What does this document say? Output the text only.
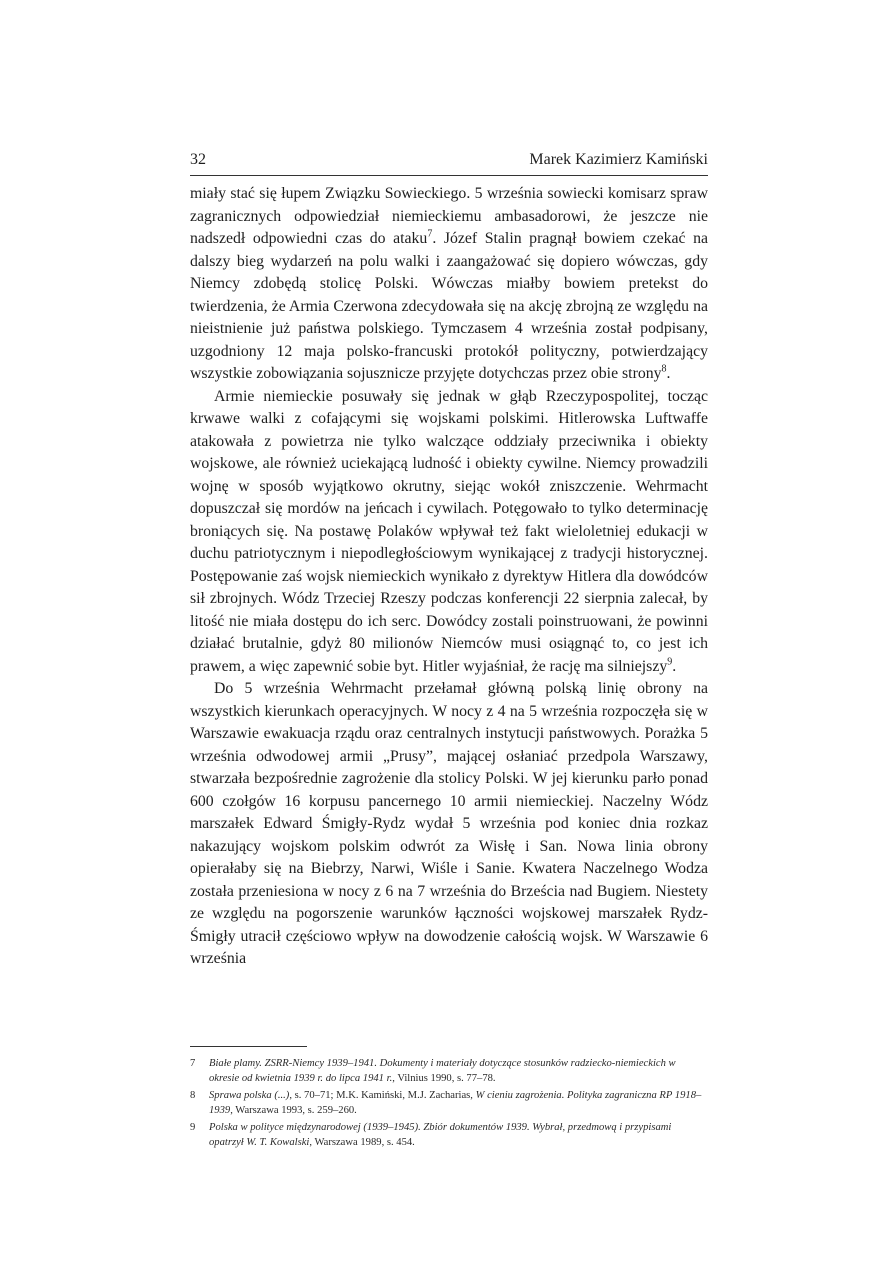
32	Marek Kazimierz Kamiński

miały stać się łupem Związku Sowieckiego. 5 września sowiecki komisarz spraw zagranicznych odpowiedział niemieckiemu ambasadorowi, że jeszcze nie nadszedł odpowiedni czas do ataku$^7$. Józef Stalin pragnął bowiem czekać na dalszy bieg wydarzeń na polu walki i zaangażować się dopiero wówczas, gdy Niemcy zdobędą stolicę Polski. Wówczas miałby bowiem pretekst do twierdzenia, że Armia Czerwona zdecydowała się na akcję zbrojną ze względu na nieistnienie już państwa polskiego. Tymczasem 4 września został podpisany, uzgodniony 12 maja polsko-francuski protokół polityczny, potwierdzający wszystkie zobowiązania sojusznicze przyjęte dotychczas przez obie strony$^8$.

Armie niemieckie posuwały się jednak w głąb Rzeczypospolitej, tocząc krwawe walki z cofającymi się wojskami polskimi. Hitlerowska Luftwaffe atakowała z powietrza nie tylko walczące oddziały przeciwnika i obiekty wojskowe, ale również uciekającą ludność i obiekty cywilne. Niemcy prowadzili wojnę w sposób wyjątkowo okrutny, siejąc wokół zniszczenie. Wehrmacht dopuszczał się mordów na jeńcach i cywilach. Potęgowało to tylko determinację broniących się. Na postawę Polaków wpływał też fakt wieloletniej edukacji w duchu patriotycznym i niepodległościowym wynikającej z tradycji historycznej. Postępowanie zaś wojsk niemieckich wynikało z dyrektyw Hitlera dla dowódców sił zbrojnych. Wódz Trzeciej Rzeszy podczas konferencji 22 sierpnia zalecał, by litość nie miała dostępu do ich serc. Dowódcy zostali poinstruowani, że powinni działać brutalnie, gdyż 80 milionów Niemców musi osiągnąć to, co jest ich prawem, a więc zapewnić sobie byt. Hitler wyjaśniał, że rację ma silniejszy$^9$.

Do 5 września Wehrmacht przełamał główną polską linię obrony na wszystkich kierunkach operacyjnych. W nocy z 4 na 5 września rozpoczęła się w Warszawie ewakuacja rządu oraz centralnych instytucji państwowych. Porażka 5 września odwodowej armii „Prusy”, mającej osłaniać przedpola Warszawy, stwarzała bezpośrednie zagrożenie dla stolicy Polski. W jej kierunku parło ponad 600 czołgów 16 korpusu pancernego 10 armii niemieckiej. Naczelny Wódz marszałek Edward Śmigły-Rydz wydał 5 września pod koniec dnia rozkaz nakazujący wojskom polskim odwrót za Wisłę i San. Nowa linia obrony opierałaby się na Biebrzy, Narwi, Wiśle i Sanie. Kwatera Naczelnego Wodza została przeniesiona w nocy z 6 na 7 września do Brześcia nad Bugiem. Niestety ze względu na pogorszenie warunków łączności wojskowej marszałek Rydz-Śmigły utracił częściowo wpływ na dowodzenie całością wojsk. W Warszawie 6 września

7 Białe plamy. ZSRR-Niemcy 1939–1941. Dokumenty i materiały dotyczące stosunków radziecko-niemieckich w okresie od kwietnia 1939 r. do lipca 1941 r., Vilnius 1990, s. 77–78.
8 Sprawa polska (...), s. 70–71; M.K. Kamiński, M.J. Zacharias, W cieniu zagrożenia. Polityka zagraniczna RP 1918–1939, Warszawa 1993, s. 259–260.
9 Polska w polityce międzynarodowej (1939–1945). Zbiór dokumentów 1939. Wybrał, przedmową i przypisami opatrzył W. T. Kowalski, Warszawa 1989, s. 454.
